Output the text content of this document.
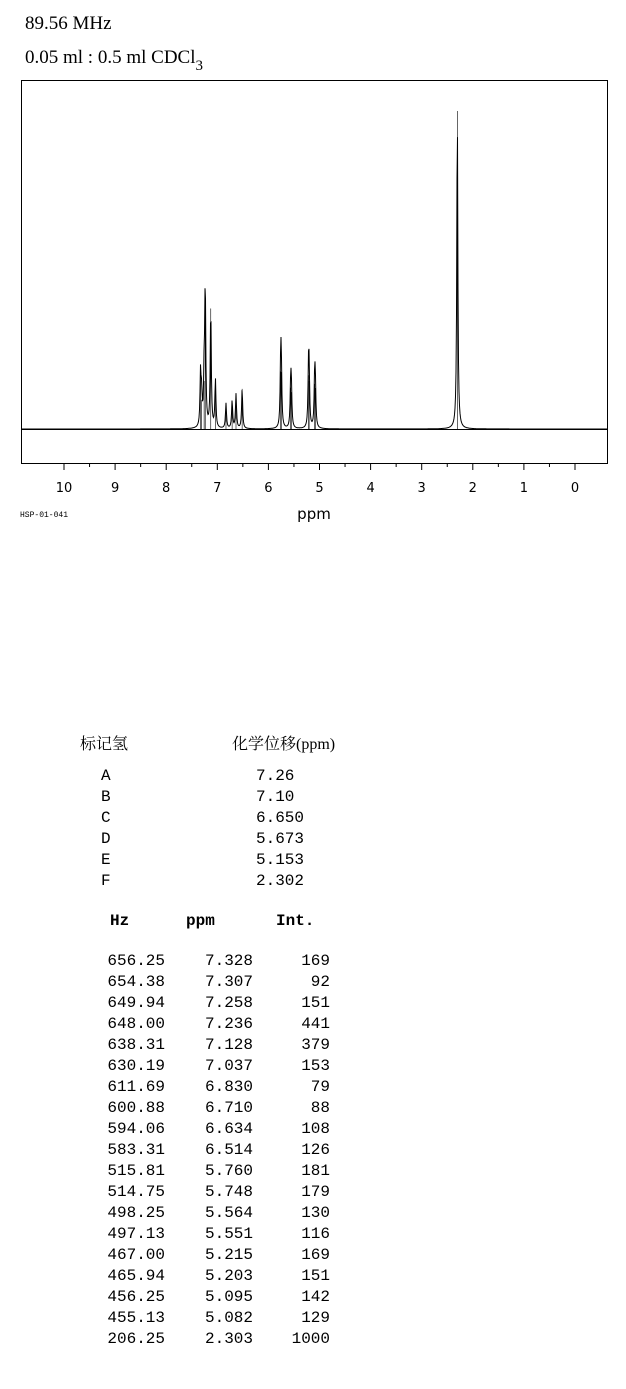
89.56 MHz
0.05 ml : 0.5 ml CDCl$_3$
10	9	8	7	6	5	4	3	2	1	0
ppm
HSP-01-041
标记氢	化学位移(ppm)
A	7.26
B	7.10
C	6.650
D	5.673
E	5.153
F	2.302
Hz	ppm	Int.
656.25	7.328	169
654.38	7.307	92
649.94	7.258	151
648.00	7.236	441
638.31	7.128	379
630.19	7.037	153
611.69	6.830	79
600.88	6.710	88
594.06	6.634	108
583.31	6.514	126
515.81	5.760	181
514.75	5.748	179
498.25	5.564	130
497.13	5.551	116
467.00	5.215	169
465.94	5.203	151
456.25	5.095	142
455.13	5.082	129
206.25	2.303	1000
